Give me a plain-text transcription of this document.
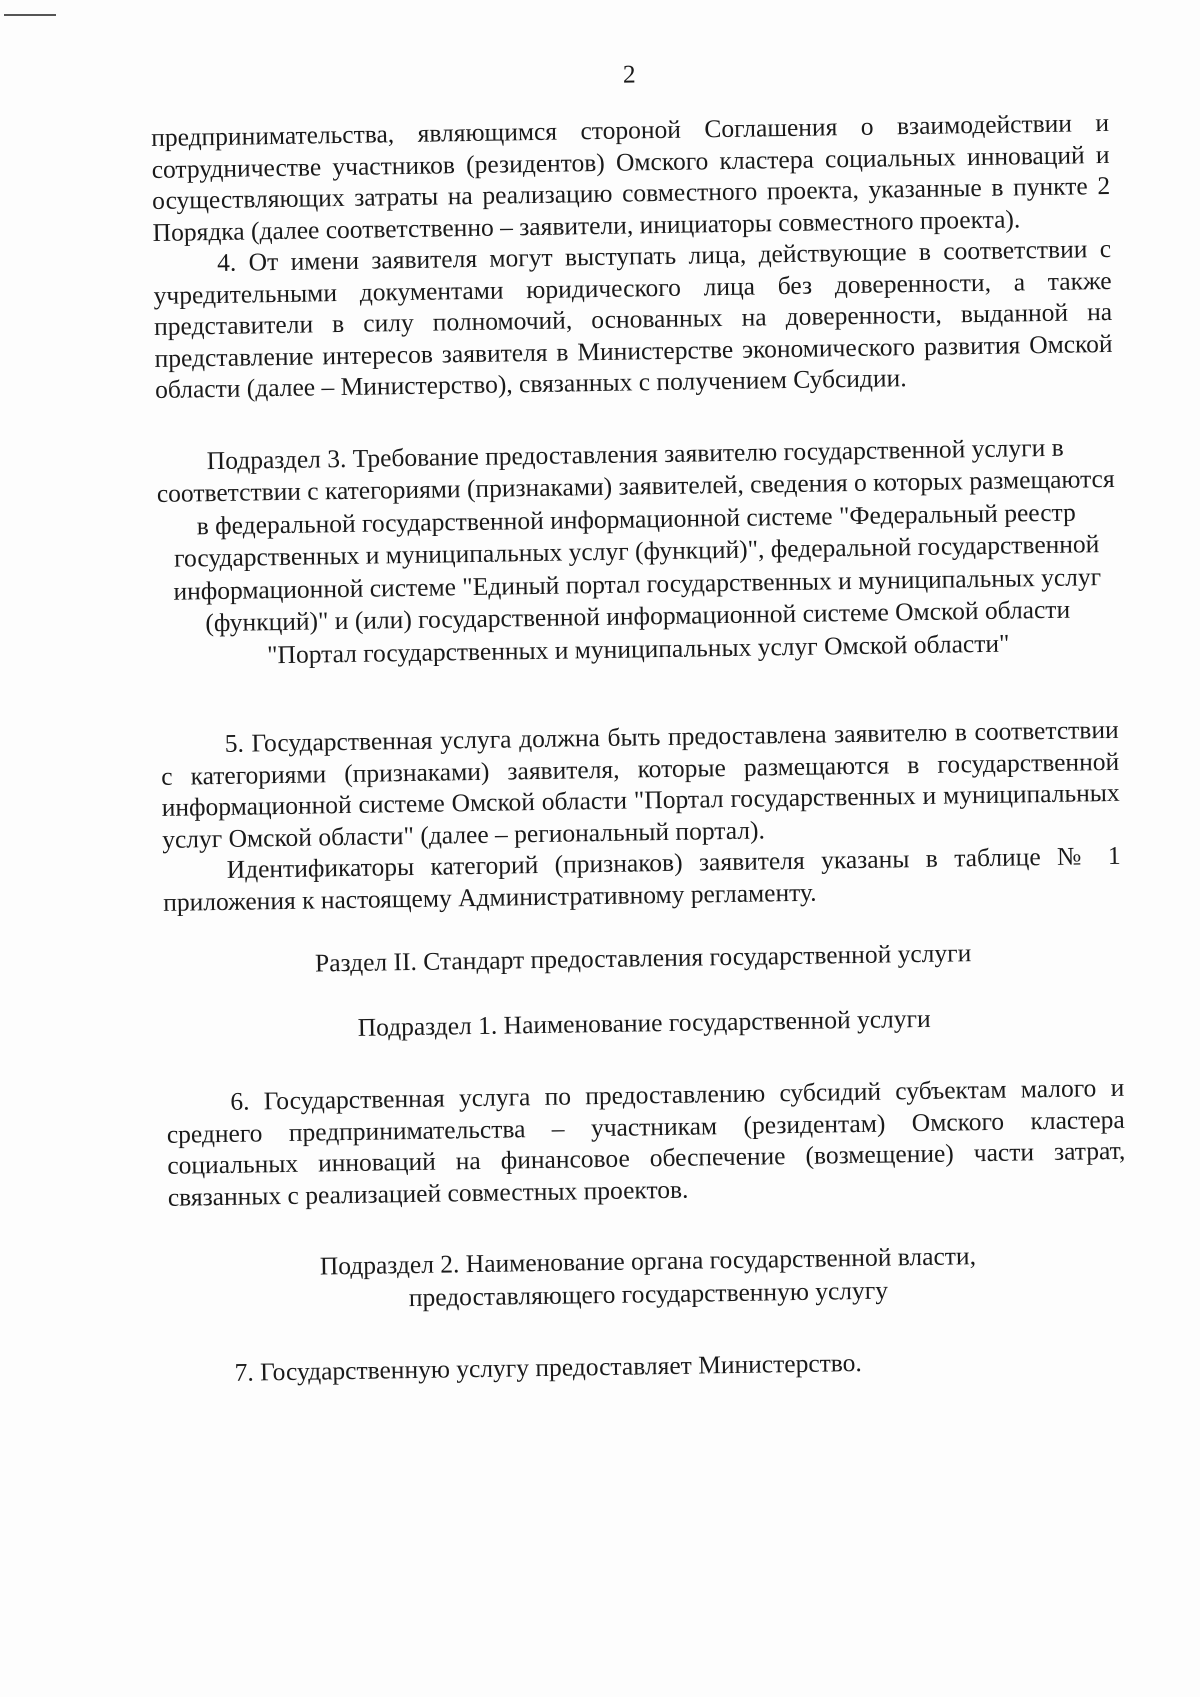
2

предпринимательства, являющимся стороной Соглашения о взаимодействии и сотрудничестве участников (резидентов) Омского кластера социальных инноваций и осуществляющих затраты на реализацию совместного проекта, указанные в пункте 2 Порядка (далее соответственно – заявители, инициаторы совместного проекта).

4. От имени заявителя могут выступать лица, действующие в соответствии с учредительными документами юридического лица без доверенности, а также представители в силу полномочий, основанных на доверенности, выданной на представление интересов заявителя в Министерстве экономического развития Омской области (далее – Министерство), связанных с получением Субсидии.

Подраздел 3. Требование предоставления заявителю государственной услуги в соответствии с категориями (признаками) заявителей, сведения о которых размещаются в федеральной государственной информационной системе "Федеральный реестр государственных и муниципальных услуг (функций)", федеральной государственной информационной системе "Единый портал государственных и муниципальных услуг (функций)" и (или) государственной информационной системе Омской области "Портал государственных и муниципальных услуг Омской области"

5. Государственная услуга должна быть предоставлена заявителю в соответствии с категориями (признаками) заявителя, которые размещаются в государственной информационной системе Омской области "Портал государственных и муниципальных услуг Омской области" (далее – региональный портал).

Идентификаторы категорий (признаков) заявителя указаны в таблице № 1 приложения к настоящему Административному регламенту.

Раздел II. Стандарт предоставления государственной услуги

Подраздел 1. Наименование государственной услуги

6. Государственная услуга по предоставлению субсидий субъектам малого и среднего предпринимательства – участникам (резидентам) Омского кластера социальных инноваций на финансовое обеспечение (возмещение) части затрат, связанных с реализацией совместных проектов.

Подраздел 2. Наименование органа государственной власти,

предоставляющего государственную услугу

7. Государственную услугу предоставляет Министерство.
